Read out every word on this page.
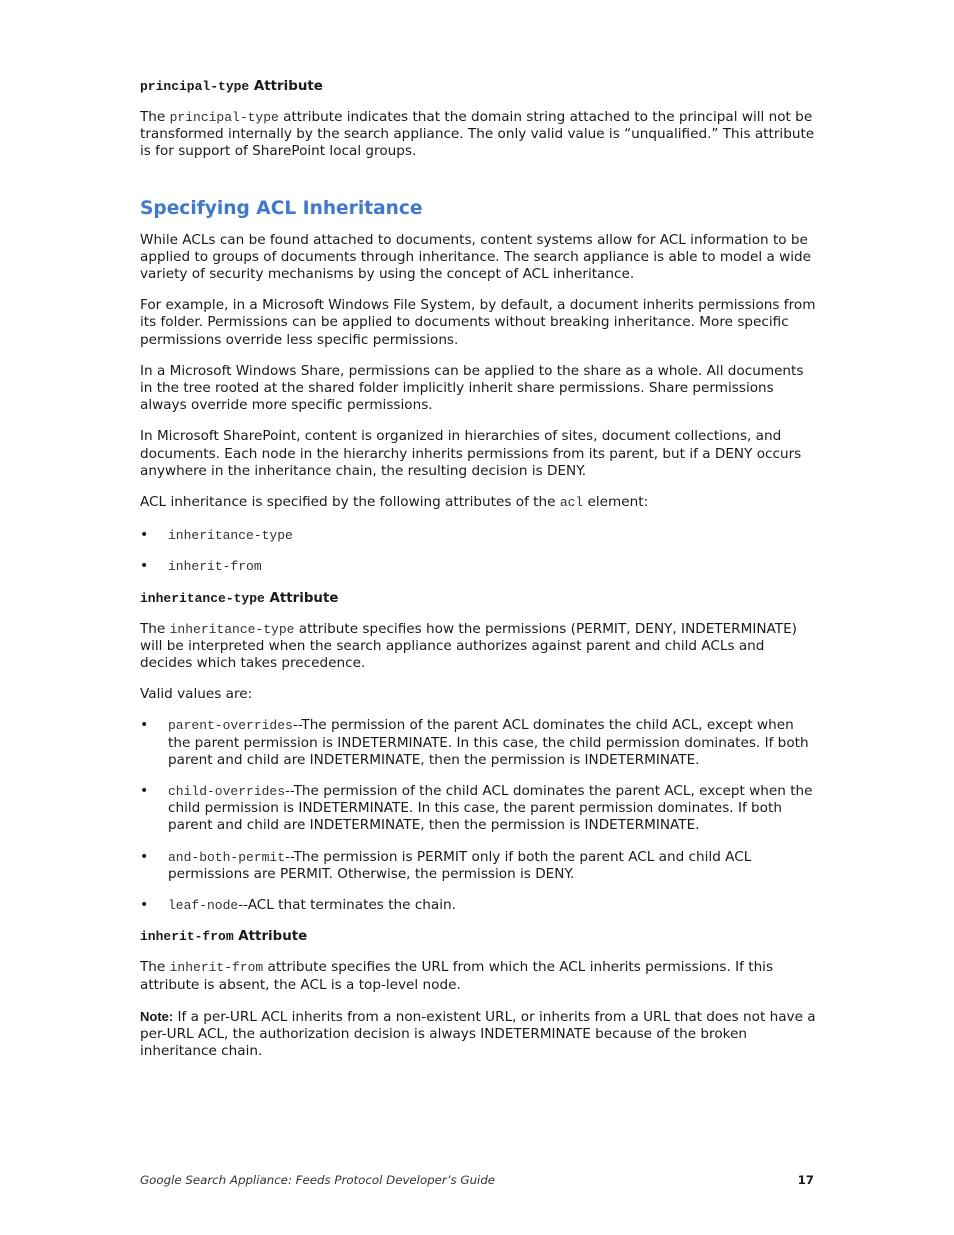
principal-type Attribute

The principal-type attribute indicates that the domain string attached to the principal will not be transformed internally by the search appliance. The only valid value is “unqualified.” This attribute is for support of SharePoint local groups.

Specifying ACL Inheritance

While ACLs can be found attached to documents, content systems allow for ACL information to be applied to groups of documents through inheritance. The search appliance is able to model a wide variety of security mechanisms by using the concept of ACL inheritance.

For example, in a Microsoft Windows File System, by default, a document inherits permissions from its folder. Permissions can be applied to documents without breaking inheritance. More specific permissions override less specific permissions.

In a Microsoft Windows Share, permissions can be applied to the share as a whole. All documents in the tree rooted at the shared folder implicitly inherit share permissions. Share permissions always override more specific permissions.

In Microsoft SharePoint, content is organized in hierarchies of sites, document collections, and documents. Each node in the hierarchy inherits permissions from its parent, but if a DENY occurs anywhere in the inheritance chain, the resulting decision is DENY.

ACL inheritance is specified by the following attributes of the acl element:

• inheritance-type
• inherit-from
inheritance-type Attribute

The inheritance-type attribute specifies how the permissions (PERMIT, DENY, INDETERMINATE) will be interpreted when the search appliance authorizes against parent and child ACLs and decides which takes precedence.

Valid values are:

• parent-overrides--The permission of the parent ACL dominates the child ACL, except when the parent permission is INDETERMINATE. In this case, the child permission dominates. If both parent and child are INDETERMINATE, then the permission is INDETERMINATE.
• child-overrides--The permission of the child ACL dominates the parent ACL, except when the child permission is INDETERMINATE. In this case, the parent permission dominates. If both parent and child are INDETERMINATE, then the permission is INDETERMINATE.
• and-both-permit--The permission is PERMIT only if both the parent ACL and child ACL permissions are PERMIT. Otherwise, the permission is DENY.
• leaf-node--ACL that terminates the chain.
inherit-from Attribute

The inherit-from attribute specifies the URL from which the ACL inherits permissions. If this attribute is absent, the ACL is a top-level node.

Note: If a per-URL ACL inherits from a non-existent URL, or inherits from a URL that does not have a per-URL ACL, the authorization decision is always INDETERMINATE because of the broken inheritance chain.

Google Search Appliance: Feeds Protocol Developer’s Guide	17
